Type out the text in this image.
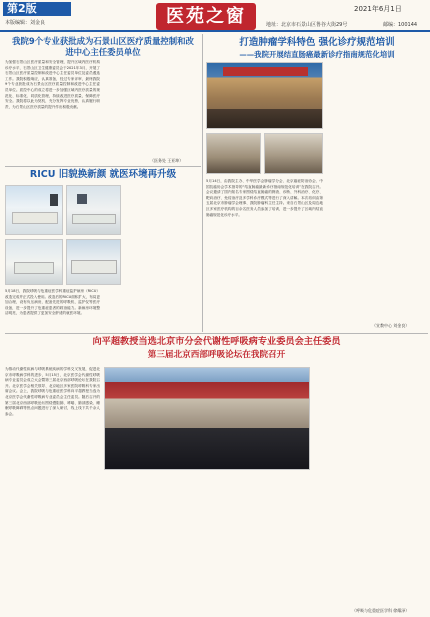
第2版
本版编辑：刘金良	医苑之窗	2021年6月1日
地址：北京市石景山区鲁谷大街29号	邮编：100144
我院9个专业获批成为石景山区医疗质量控制和改进中心主任委员单位
为加强石景山区医疗质量和安全管理，提升区域内医疗机构诊疗水平，石景山区卫生健康委员会于2021年3月，开展了石景山区医疗质量控制和改进中心主任委员单位及委员遴选工作。我院积极响应，认真准备，经过专家评审，最终我院9个专业获批成为石景山区医疗质量控制和改进中心主任委员单位。质控中心的成立将进一步加强区域内医疗质量的规范化、标准化、同质化管理，持续改进医疗质量，保障医疗安全。我院将以此为契机，充分发挥专业优势，认真履行职责，为石景山区医疗质量的提升作出积极贡献。
（医务处 王亚坤）
RICU 旧貌换新颜 就医环境再升级
5月18日，我院呼吸与危重症医学科重症监护病房（RICU）改造完成并正式投入使用。改造后的RICU面积扩大，布局更加合理，设有负压病房，配备先进的呼吸机、监护仪等医疗设备，进一步提升了危重症患者的救治能力。新病房环境整洁明亮，为患者提供了更加安全舒适的就医环境。
打造肿瘤学科特色 强化诊疗规范培训
——我院开展结直肠癌最新诊疗指南规范化培训
5月14日，由我院主办、中华医学会肿瘤学分会、北京癌症防治协会、中国抗癌协会学术指导的“结直肠癌最新诊疗指南规范化培训”在我院召开。会议邀请了国内知名专家围绕结直肠癌的筛查、诊断、外科治疗、化疗、靶向治疗、免疫治疗及多学科诊疗模式等进行了深入讲解。本次培训由第五届北京市肿瘤学会理事、我院肿瘤科主任主持。来自石景山区及周边地区多家医疗机构的百余名医务人员参加了培训，进一步提升了区域内结直肠癌规范化诊疗水平。
（宣教中心 刘金良）
向平超教授当选北京市分会代谢性呼吸病专业委员会主任委员
第三届北京西部呼吸论坛在我院召开
为推动代谢性疾病与呼吸系统疾病的学科交叉发展，促进北京市呼吸病学科的进步，5月15日，北京医学会代谢性呼吸病专业委员会成立大会暨第三届北京西部呼吸论坛在我院召开。北京医学会相关领导、北京地区多家医院呼吸科专家出席会议。会上，我院呼吸与危重症医学科向平超教授当选为北京医学会代谢性呼吸病专业委员会主任委员。随后召开的第三届北京西部呼吸论坛围绕慢阻肺、哮喘、肺部感染、睡眠呼吸障碍等热点问题进行了深入研讨，线上线下共千余人参会。
（呼吸与危重症医学科 徐耀泽）
